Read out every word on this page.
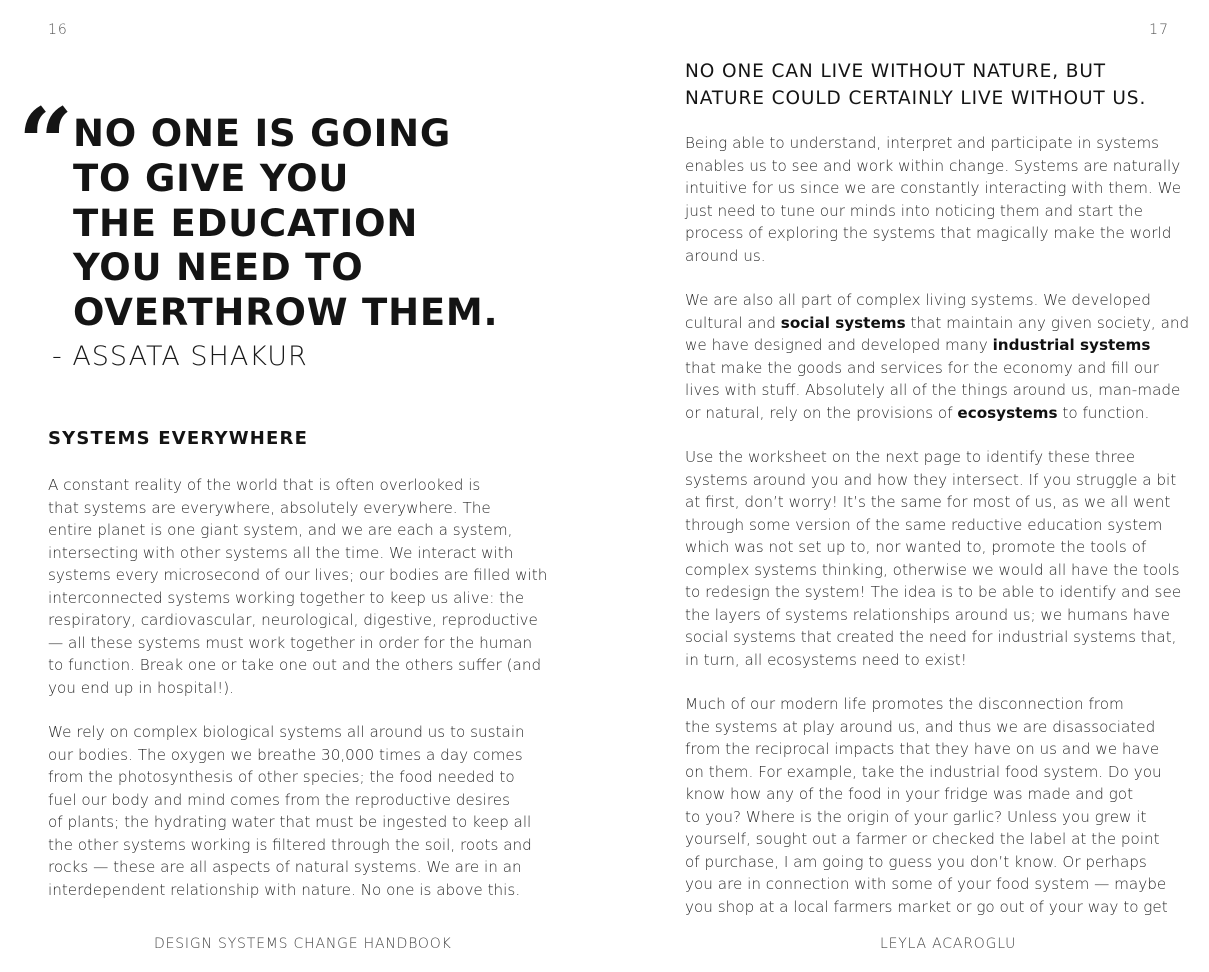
16
“ NO ONE IS GOING
TO GIVE YOU
THE EDUCATION
YOU NEED TO
OVERTHROW THEM.
- ASSATA SHAKUR
SYSTEMS EVERYWHERE
A constant reality of the world that is often overlooked is
that systems are everywhere, absolutely everywhere. The
entire planet is one giant system, and we are each a system,
intersecting with other systems all the time. We interact with
systems every microsecond of our lives; our bodies are filled with
interconnected systems working together to keep us alive: the
respiratory, cardiovascular, neurological, digestive, reproductive
— all these systems must work together in order for the human
to function. Break one or take one out and the others suffer (and
you end up in hospital!).
We rely on complex biological systems all around us to sustain
our bodies. The oxygen we breathe 30,000 times a day comes
from the photosynthesis of other species; the food needed to
fuel our body and mind comes from the reproductive desires
of plants; the hydrating water that must be ingested to keep all
the other systems working is filtered through the soil, roots and
rocks — these are all aspects of natural systems. We are in an
interdependent relationship with nature. No one is above this.
DESIGN SYSTEMS CHANGE HANDBOOK
17
NO ONE CAN LIVE WITHOUT NATURE, BUT
NATURE COULD CERTAINLY LIVE WITHOUT US.
Being able to understand, interpret and participate in systems
enables us to see and work within change. Systems are naturally
intuitive for us since we are constantly interacting with them. We
just need to tune our minds into noticing them and start the
process of exploring the systems that magically make the world
around us.
We are also all part of complex living systems. We developed
cultural and social systems that maintain any given society, and
we have designed and developed many industrial systems
that make the goods and services for the economy and fill our
lives with stuff. Absolutely all of the things around us, man-made
or natural, rely on the provisions of ecosystems to function.
Use the worksheet on the next page to identify these three
systems around you and how they intersect. If you struggle a bit
at first, don’t worry! It’s the same for most of us, as we all went
through some version of the same reductive education system
which was not set up to, nor wanted to, promote the tools of
complex systems thinking, otherwise we would all have the tools
to redesign the system! The idea is to be able to identify and see
the layers of systems relationships around us; we humans have
social systems that created the need for industrial systems that,
in turn, all ecosystems need to exist!
Much of our modern life promotes the disconnection from
the systems at play around us, and thus we are disassociated
from the reciprocal impacts that they have on us and we have
on them. For example, take the industrial food system. Do you
know how any of the food in your fridge was made and got
to you? Where is the origin of your garlic? Unless you grew it
yourself, sought out a farmer or checked the label at the point
of purchase, I am going to guess you don’t know. Or perhaps
you are in connection with some of your food system — maybe
you shop at a local farmers market or go out of your way to get
LEYLA ACAROGLU
